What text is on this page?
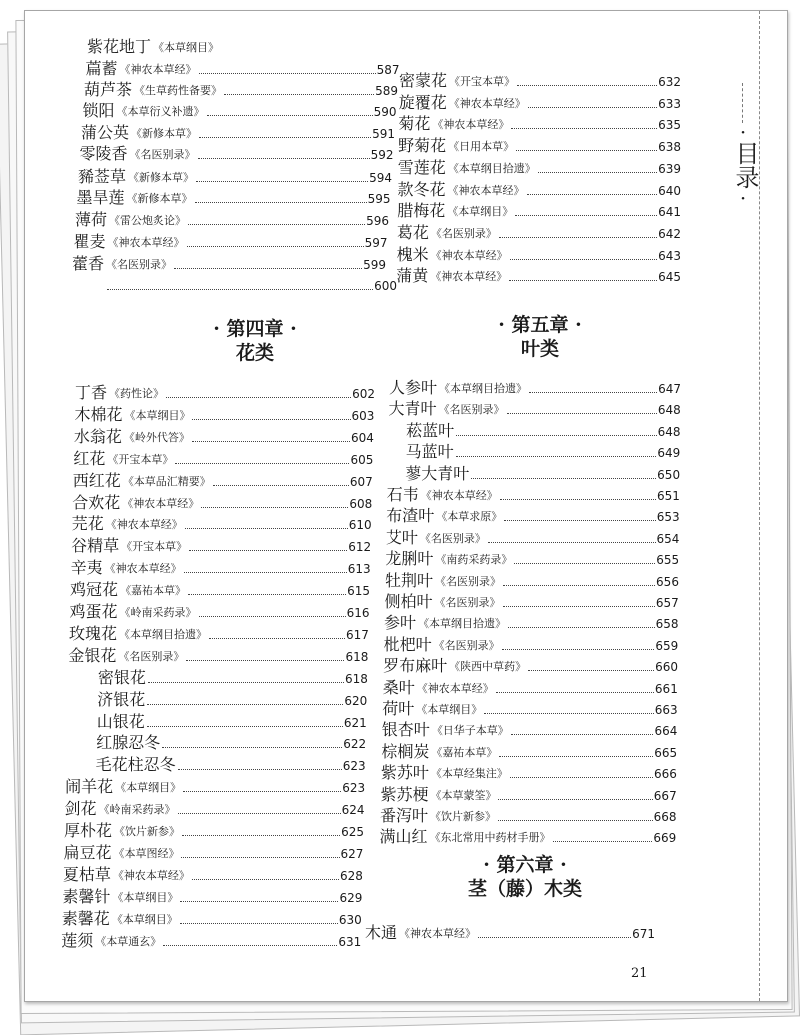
·
目录
·
21
紫花地丁 《本草纲目》
萹蓄 《神农本草经》	587
葫芦茶 《生草药性备要》	589
锁阳 《本草衍义补遗》	590
蒲公英 《新修本草》	591
零陵香 《名医别录》	592
豨莶草 《新修本草》	594
墨旱莲 《新修本草》	595
薄荷 《雷公炮炙论》	596
瞿麦 《神农本草经》	597
藿香 《名医别录》	599
600
· 第四章 ·
花类
丁香 《药性论》	602
木棉花 《本草纲目》	603
水翁花 《岭外代答》	604
红花 《开宝本草》	605
西红花 《本草品汇精要》	607
合欢花 《神农本草经》	608
芫花 《神农本草经》	610
谷精草 《开宝本草》	612
辛夷 《神农本草经》	613
鸡冠花 《嘉祐本草》	615
鸡蛋花 《岭南采药录》	616
玫瑰花 《本草纲目拾遗》	617
金银花 《名医别录》	618
密银花	618
济银花	620
山银花	621
红腺忍冬	622
毛花柱忍冬	623
闹羊花 《本草纲目》	623
剑花 《岭南采药录》	624
厚朴花 《饮片新参》	625
扁豆花 《本草图经》	627
夏枯草 《神农本草经》	628
素馨针 《本草纲目》	629
素馨花 《本草纲目》	630
莲须 《本草通玄》	631
密蒙花 《开宝本草》	632
旋覆花 《神农本草经》	633
菊花 《神农本草经》	635
野菊花 《日用本草》	638
雪莲花 《本草纲目拾遗》	639
款冬花 《神农本草经》	640
腊梅花 《本草纲目》	641
葛花 《名医别录》	642
槐米 《神农本草经》	643
蒲黄 《神农本草经》	645
· 第五章 ·
叶类
人参叶 《本草纲目拾遗》	647
大青叶 《名医别录》	648
菘蓝叶	648
马蓝叶	649
蓼大青叶	650
石韦 《神农本草经》	651
布渣叶 《本草求原》	653
艾叶 《名医别录》	654
龙脷叶 《南药采药录》	655
牡荆叶 《名医别录》	656
侧柏叶 《名医别录》	657
参叶 《本草纲目拾遗》	658
枇杷叶 《名医别录》	659
罗布麻叶 《陕西中草药》	660
桑叶 《神农本草经》	661
荷叶 《本草纲目》	663
银杏叶 《日华子本草》	664
棕榈炭 《嘉祐本草》	665
紫苏叶 《本草经集注》	666
紫苏梗 《本草蒙筌》	667
番泻叶 《饮片新参》	668
满山红 《东北常用中药材手册》	669
· 第六章 ·
茎（藤）木类
木通 《神农本草经》	671
